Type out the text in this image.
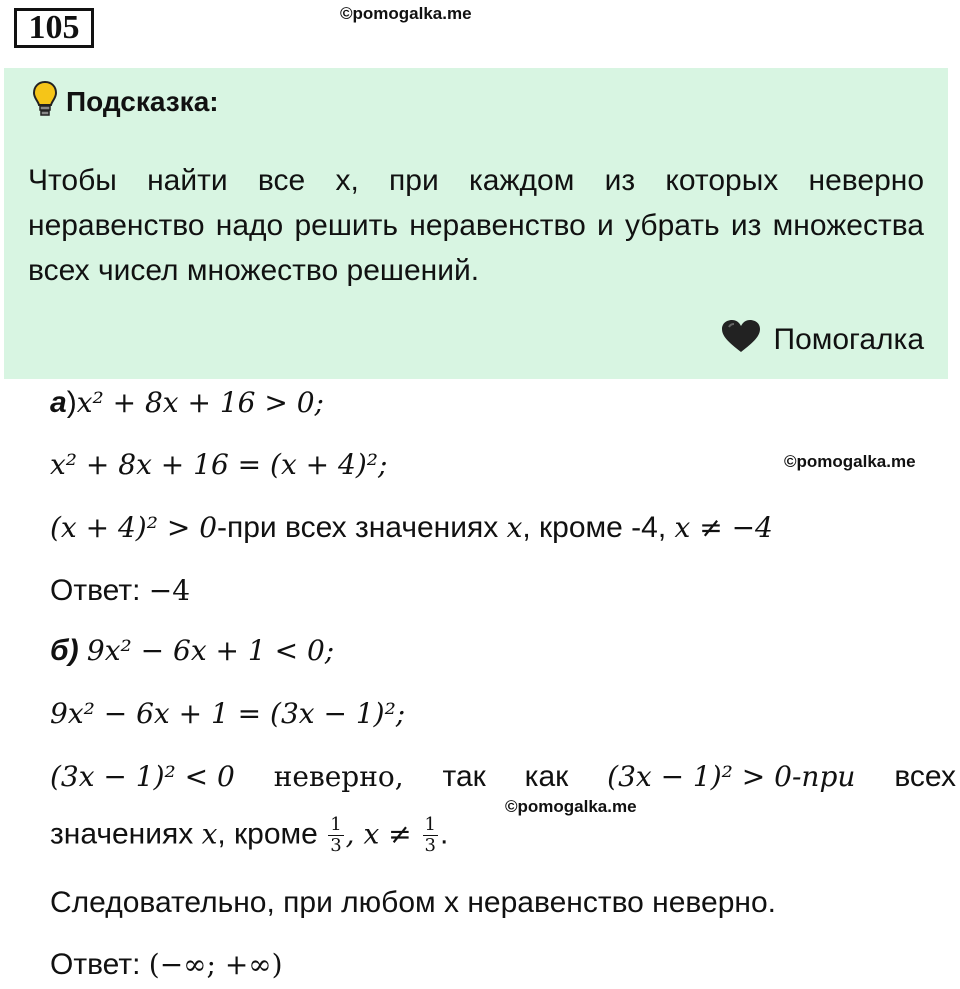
105	©pomogalka.me
Подсказка:
Чтобы найти все х, при каждом из которых неверно неравенство надо решить неравенство и убрать из множества всех чисел множество решений.
Помогалка
а)x² + 8x + 16 > 0;
x² + 8x + 16 = (x + 4)²;
(x + 4)² > 0-при всех значениях x, кроме -4, x ≠ −4
Ответ: −4
б) 9x² − 6x + 1 < 0;
9x² − 6x + 1 = (3x − 1)²;
(3x − 1)² < 0 неверно, так как (3x − 1)² > 0-при всех
значениях x, кроме $\frac{1}{3}$ , $x \ne \frac{1}{3}$ .
Следовательно, при любом х неравенство неверно.
Ответ: (−∞; +∞)
©pomogalka.me
©pomogalka.me
